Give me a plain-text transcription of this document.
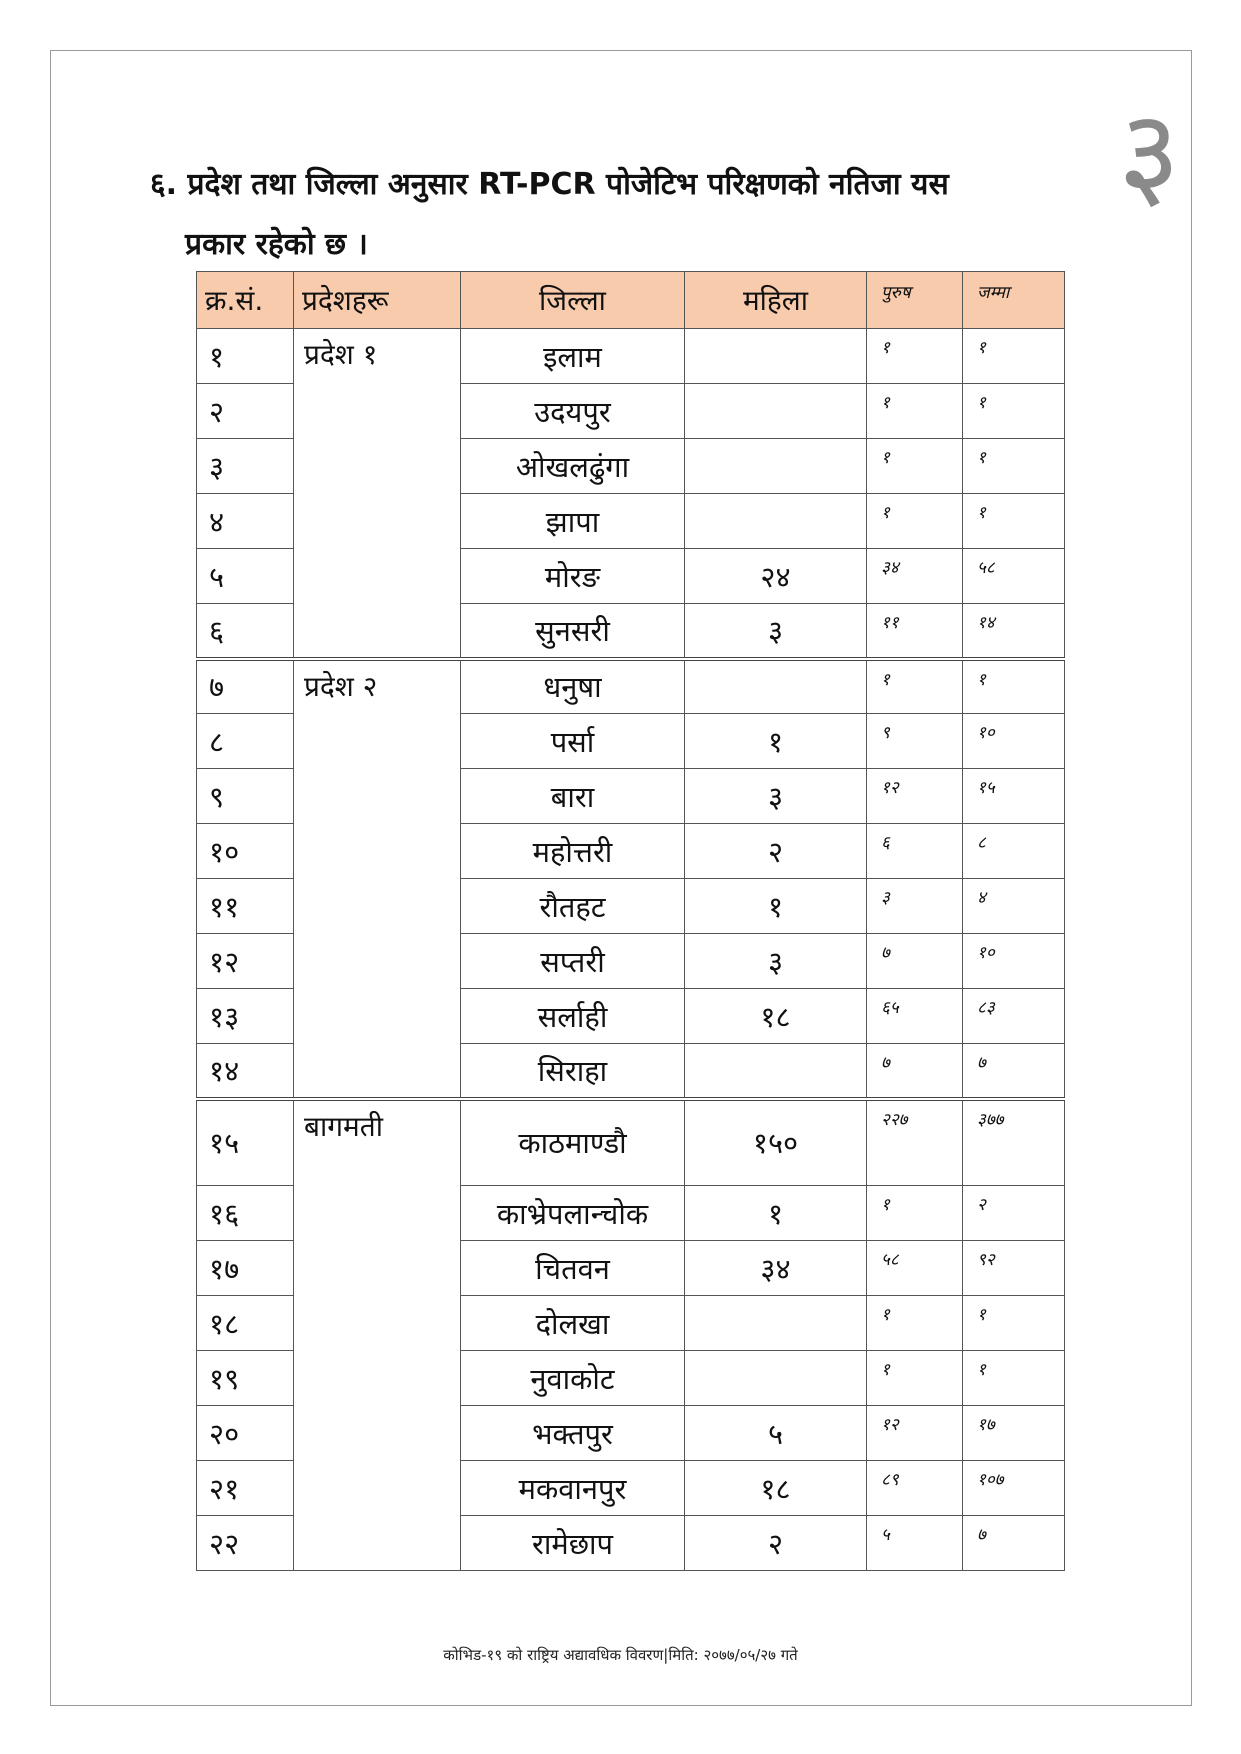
३
६. प्रदेश तथा जिल्ला अनुसार RT-PCR पोजेटिभ परिक्षणको नतिजा यस
प्रकार रहेको छ ।
क्र.सं.	प्रदेशहरू	जिल्ला	महिला	पुरुष	जम्मा
१	प्रदेश १	इलाम		१	१
२		उदयपुर		१	१
३		ओखलढुंगा		१	१
४		झापा		१	१
५		मोरङ	२४	३४	५८
६		सुनसरी	३	११	१४
७	प्रदेश २	धनुषा		१	१
८		पर्सा	१	९	१०
९		बारा	३	१२	१५
१०		महोत्तरी	२	६	८
११		रौतहट	१	३	४
१२		सप्तरी	३	७	१०
१३		सर्लाही	१८	६५	८३
१४		सिराहा		७	७
१५	बागमती	काठमाण्डौ	१५०	२२७	३७७
१६		काभ्रेपलान्चोक	१	१	२
१७		चितवन	३४	५८	९२
१८		दोलखा		१	१
१९		नुवाकोट		१	१
२०		भक्तपुर	५	१२	१७
२१		मकवानपुर	१८	८९	१०७
२२		रामेछाप	२	५	७
कोभिड-१९ को राष्ट्रिय अद्यावधिक विवरण|मिति: २०७७/०५/२७ गते
